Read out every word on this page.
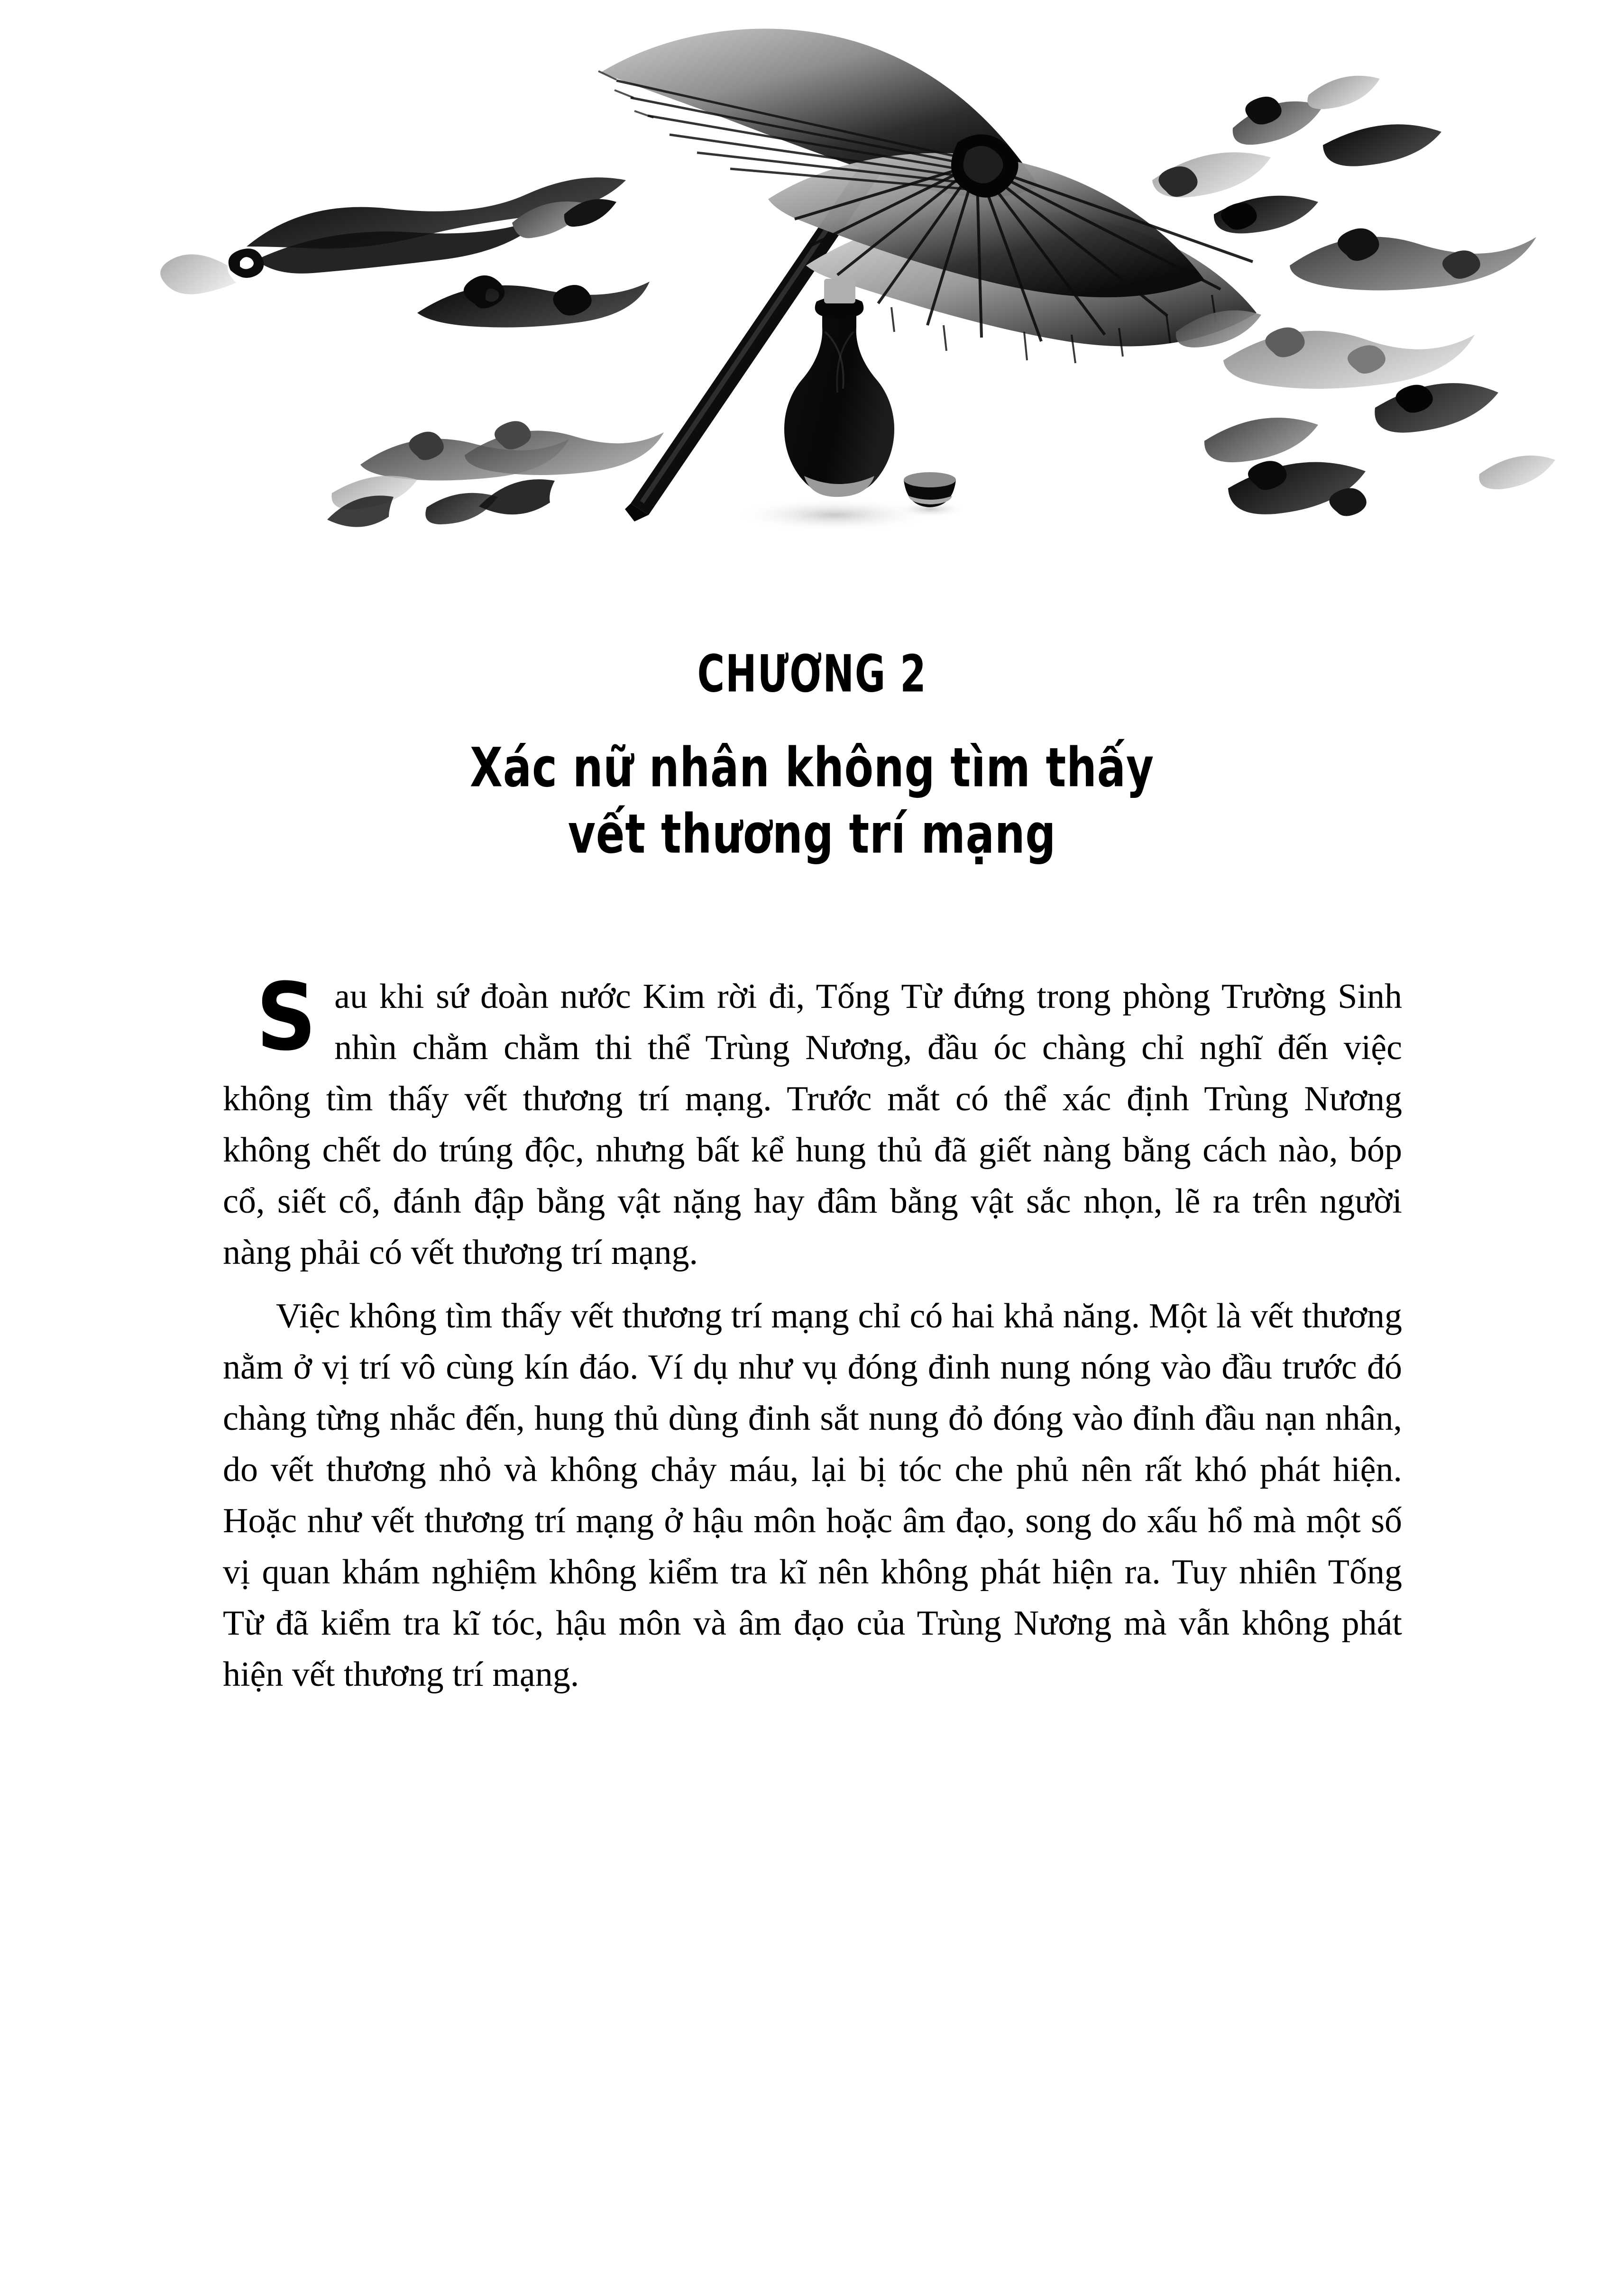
CHƯƠNG 2
Xác nữ nhân không tìm thấy
vết thương trí mạng

Sau khi sứ đoàn nước Kim rời đi, Tống Từ đứng trong phòng Trường Sinh nhìn chằm chằm thi thể Trùng Nương, đầu óc chàng chỉ nghĩ đến việc không tìm thấy vết thương trí mạng. Trước mắt có thể xác định Trùng Nương không chết do trúng độc, nhưng bất kể hung thủ đã giết nàng bằng cách nào, bóp cổ, siết cổ, đánh đập bằng vật nặng hay đâm bằng vật sắc nhọn, lẽ ra trên người nàng phải có vết thương trí mạng.

Việc không tìm thấy vết thương trí mạng chỉ có hai khả năng. Một là vết thương nằm ở vị trí vô cùng kín đáo. Ví dụ như vụ đóng đinh nung nóng vào đầu trước đó chàng từng nhắc đến, hung thủ dùng đinh sắt nung đỏ đóng vào đỉnh đầu nạn nhân, do vết thương nhỏ và không chảy máu, lại bị tóc che phủ nên rất khó phát hiện. Hoặc như vết thương trí mạng ở hậu môn hoặc âm đạo, song do xấu hổ mà một số vị quan khám nghiệm không kiểm tra kĩ nên không phát hiện ra. Tuy nhiên Tống Từ đã kiểm tra kĩ tóc, hậu môn và âm đạo của Trùng Nương mà vẫn không phát hiện vết thương trí mạng.
